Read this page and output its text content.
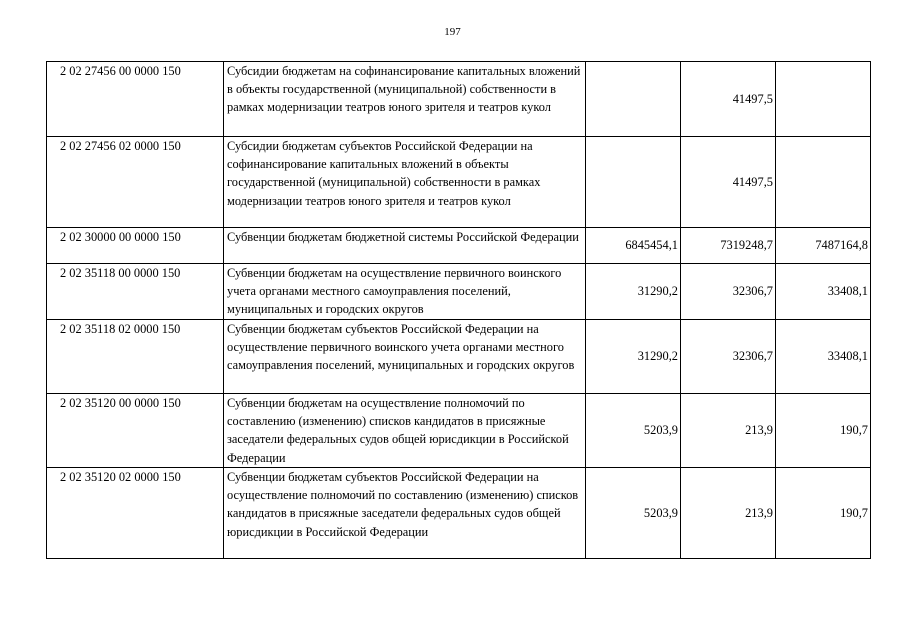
197
2 02 27456 00 0000 150	Субсидии бюджетам на софинансирование капитальных вложений в объекты государственной (муниципальной) собственности в рамках модернизации театров юного зрителя и театров кукол		41497,5	
2 02 27456 02 0000 150	Субсидии бюджетам субъектов Российской Федерации на софинансирование капитальных вложений в объекты государственной (муниципальной) собственности в рамках модернизации театров юного зрителя и театров кукол		41497,5	
2 02 30000 00 0000 150	Субвенции бюджетам бюджетной системы Российской Федерации	6845454,1	7319248,7	7487164,8
2 02 35118 00 0000 150	Субвенции бюджетам на осуществление первичного воинского учета органами местного самоуправления поселений, муниципальных и городских округов	31290,2	32306,7	33408,1
2 02 35118 02 0000 150	Субвенции бюджетам субъектов Российской Федерации на осуществление первичного воинского учета органами местного самоуправления поселений, муниципальных и городских округов	31290,2	32306,7	33408,1
2 02 35120 00 0000 150	Субвенции бюджетам на осуществление полномочий по составлению (изменению) списков кандидатов в присяжные заседатели федеральных судов общей юрисдикции в Российской Федерации	5203,9	213,9	190,7
2 02 35120 02 0000 150	Субвенции бюджетам субъектов Российской Федерации на осуществление полномочий по составлению (изменению) списков кандидатов в присяжные заседатели федеральных судов общей юрисдикции в Российской Федерации	5203,9	213,9	190,7
